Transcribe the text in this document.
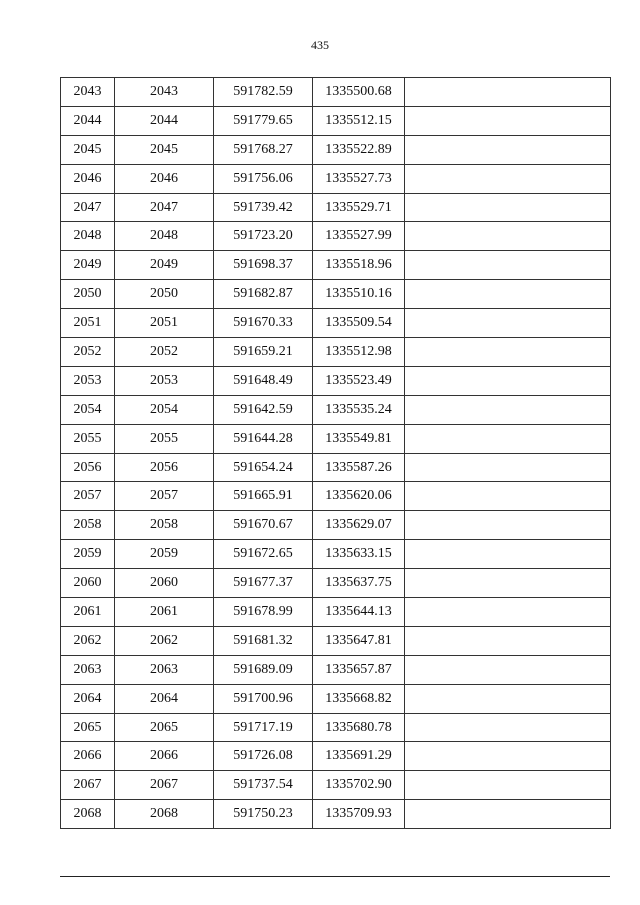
435
2043	2043	591782.59	1335500.68	
2044	2044	591779.65	1335512.15	
2045	2045	591768.27	1335522.89	
2046	2046	591756.06	1335527.73	
2047	2047	591739.42	1335529.71	
2048	2048	591723.20	1335527.99	
2049	2049	591698.37	1335518.96	
2050	2050	591682.87	1335510.16	
2051	2051	591670.33	1335509.54	
2052	2052	591659.21	1335512.98	
2053	2053	591648.49	1335523.49	
2054	2054	591642.59	1335535.24	
2055	2055	591644.28	1335549.81	
2056	2056	591654.24	1335587.26	
2057	2057	591665.91	1335620.06	
2058	2058	591670.67	1335629.07	
2059	2059	591672.65	1335633.15	
2060	2060	591677.37	1335637.75	
2061	2061	591678.99	1335644.13	
2062	2062	591681.32	1335647.81	
2063	2063	591689.09	1335657.87	
2064	2064	591700.96	1335668.82	
2065	2065	591717.19	1335680.78	
2066	2066	591726.08	1335691.29	
2067	2067	591737.54	1335702.90	
2068	2068	591750.23	1335709.93	
